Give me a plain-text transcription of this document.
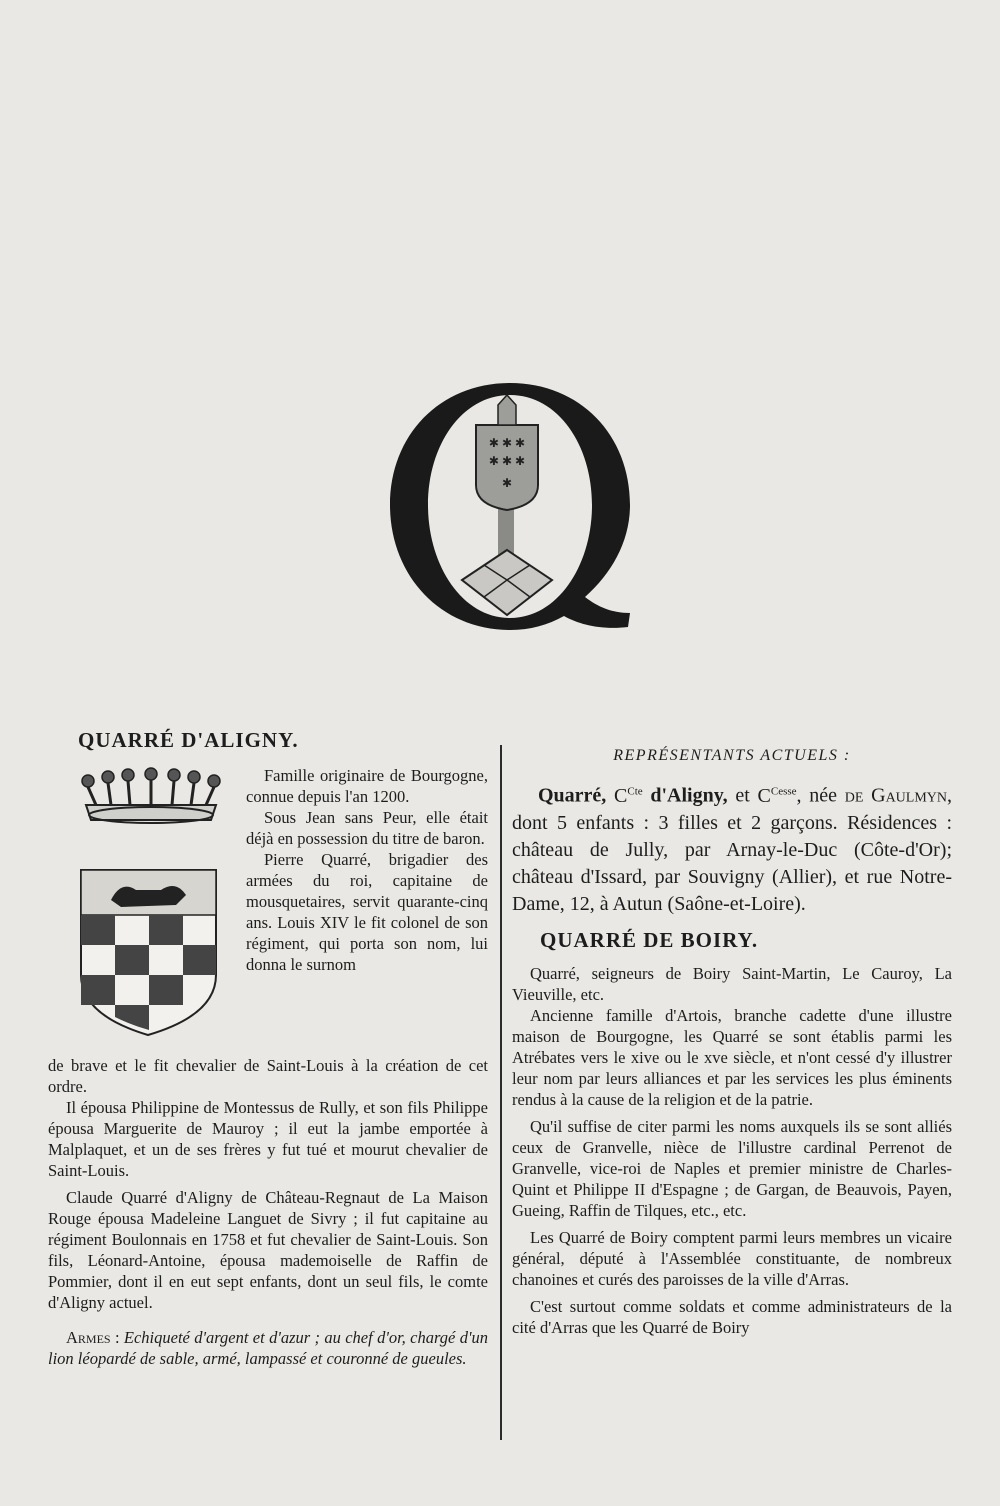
✱ ✱ ✱
✱ ✱ ✱
✱
QUARRÉ D'ALIGNY.

Famille originaire de Bourgogne, connue depuis l'an 1200.

Sous Jean sans Peur, elle était déjà en possession du titre de baron.

Pierre Quarré, brigadier des armées du roi, capitaine de mousquetaires, servit quarante-cinq ans. Louis XIV le fit colonel de son régiment, qui porta son nom, lui donna le surnom

de brave et le fit chevalier de Saint-Louis à la création de cet ordre.

Il épousa Philippine de Montessus de Rully, et son fils Philippe épousa Marguerite de Mauroy ; il eut la jambe emportée à Malplaquet, et un de ses frères y fut tué et mourut chevalier de Saint-Louis.

Claude Quarré d'Aligny de Château-Regnaut de La Maison Rouge épousa Madeleine Languet de Sivry ; il fut capitaine au régiment Boulonnais en 1758 et fut chevalier de Saint-Louis. Son fils, Léonard-Antoine, épousa mademoiselle de Raffin de Pommier, dont il en eut sept enfants, dont un seul fils, le comte d'Aligny actuel.

Armes : Echiqueté d'argent et d'azur ; au chef d'or, chargé d'un lion léopardé de sable, armé, lampassé et couronné de gueules.

REPRÉSENTANTS ACTUELS :

Quarré, $C^{Cte}$ d'Aligny, et $C^{Cesse}$, née de Gaulmyn, dont 5 enfants : 3 filles et 2 garçons. Résidences : château de Jully, par Arnay-le-Duc (Côte-d'Or); château d'Issard, par Souvigny (Allier), et rue Notre-Dame, 12, à Autun (Saône-et-Loire).

QUARRÉ DE BOIRY.

Quarré, seigneurs de Boiry Saint-Martin, Le Cauroy, La Vieuville, etc.

Ancienne famille d'Artois, branche cadette d'une illustre maison de Bourgogne, les Quarré se sont établis parmi les Atrébates vers le xive ou le xve siècle, et n'ont cessé d'y illustrer leur nom par leurs alliances et par les services les plus éminents rendus à la cause de la religion et de la patrie.

Qu'il suffise de citer parmi les noms auxquels ils se sont alliés ceux de Granvelle, nièce de l'illustre cardinal Perrenot de Granvelle, vice-roi de Naples et premier ministre de Charles-Quint et Philippe II d'Espagne ; de Gargan, de Beauvois, Payen, Gueing, Raffin de Tilques, etc., etc.

Les Quarré de Boiry comptent parmi leurs membres un vicaire général, député à l'Assemblée constituante, de nombreux chanoines et curés des paroisses de la ville d'Arras.

C'est surtout comme soldats et comme administrateurs de la cité d'Arras que les Quarré de Boiry
